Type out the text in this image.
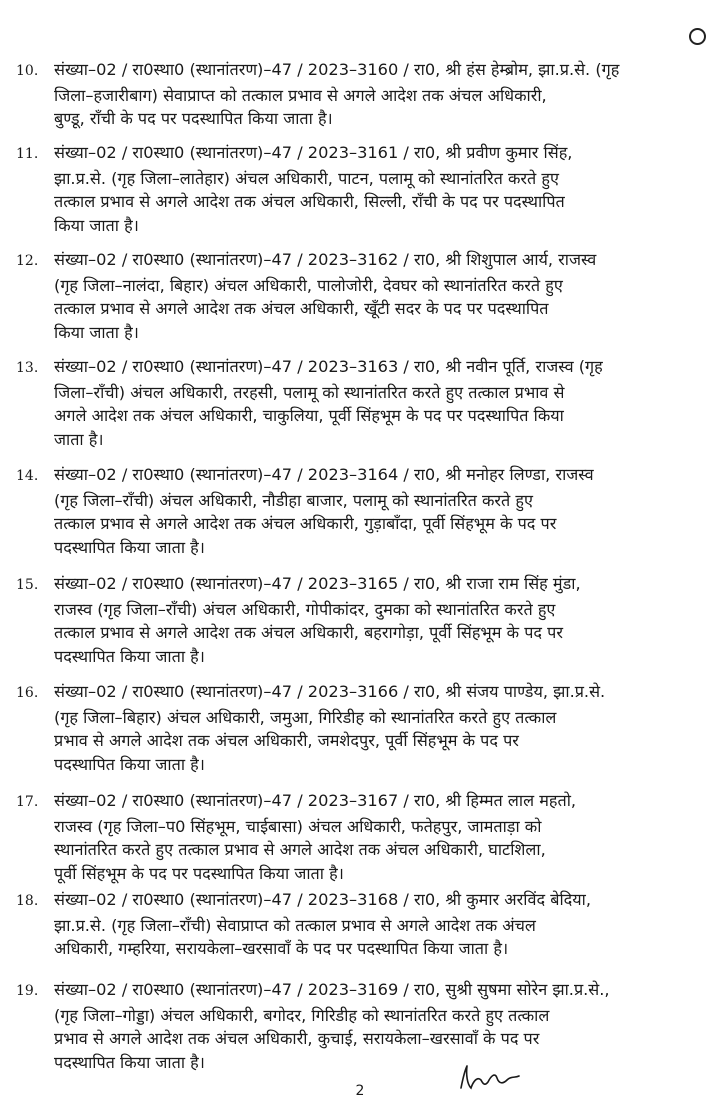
10. संख्या–02 / रा0स्था0 (स्थानांतरण)–47 / 2023–3160 / रा0, श्री हंस हेम्ब्रोम, झा.प्र.से. (गृह
जिला–हजारीबाग) सेवाप्राप्त को तत्काल प्रभाव से अगले आदेश तक अंचल अधिकारी,
बुण्डू, राँची के पद पर पदस्थापित किया जाता है।
11. संख्या–02 / रा0स्था0 (स्थानांतरण)–47 / 2023–3161 / रा0, श्री प्रवीण कुमार सिंह,
झा.प्र.से. (गृह जिला–लातेहार) अंचल अधिकारी, पाटन, पलामू को स्थानांतरित करते हुए
तत्काल प्रभाव से अगले आदेश तक अंचल अधिकारी, सिल्ली, राँची के पद पर पदस्थापित
किया जाता है।
12. संख्या–02 / रा0स्था0 (स्थानांतरण)–47 / 2023–3162 / रा0, श्री शिशुपाल आर्य, राजस्व
(गृह जिला–नालंदा, बिहार) अंचल अधिकारी, पालोजोरी, देवघर को स्थानांतरित करते हुए
तत्काल प्रभाव से अगले आदेश तक अंचल अधिकारी, खूँटी सदर के पद पर पदस्थापित
किया जाता है।
13. संख्या–02 / रा0स्था0 (स्थानांतरण)–47 / 2023–3163 / रा0, श्री नवीन पूर्ति, राजस्व (गृह
जिला–राँची) अंचल अधिकारी, तरहसी, पलामू को स्थानांतरित करते हुए तत्काल प्रभाव से
अगले आदेश तक अंचल अधिकारी, चाकुलिया, पूर्वी सिंहभूम के पद पर पदस्थापित किया
जाता है।
14. संख्या–02 / रा0स्था0 (स्थानांतरण)–47 / 2023–3164 / रा0, श्री मनोहर लिण्डा, राजस्व
(गृह जिला–राँची) अंचल अधिकारी, नौडीहा बाजार, पलामू को स्थानांतरित करते हुए
तत्काल प्रभाव से अगले आदेश तक अंचल अधिकारी, गुड़ाबाँदा, पूर्वी सिंहभूम के पद पर
पदस्थापित किया जाता है।
15. संख्या–02 / रा0स्था0 (स्थानांतरण)–47 / 2023–3165 / रा0, श्री राजा राम सिंह मुंडा,
राजस्व (गृह जिला–राँची) अंचल अधिकारी, गोपीकांदर, दुमका को स्थानांतरित करते हुए
तत्काल प्रभाव से अगले आदेश तक अंचल अधिकारी, बहरागोड़ा, पूर्वी सिंहभूम के पद पर
पदस्थापित किया जाता है।
16. संख्या–02 / रा0स्था0 (स्थानांतरण)–47 / 2023–3166 / रा0, श्री संजय पाण्डेय, झा.प्र.से.
(गृह जिला–बिहार) अंचल अधिकारी, जमुआ, गिरिडीह को स्थानांतरित करते हुए तत्काल
प्रभाव से अगले आदेश तक अंचल अधिकारी, जमशेदपुर, पूर्वी सिंहभूम के पद पर
पदस्थापित किया जाता है।
17. संख्या–02 / रा0स्था0 (स्थानांतरण)–47 / 2023–3167 / रा0, श्री हिम्मत लाल महतो,
राजस्व (गृह जिला–प0 सिंहभूम, चाईबासा) अंचल अधिकारी, फतेहपुर, जामताड़ा को
स्थानांतरित करते हुए तत्काल प्रभाव से अगले आदेश तक अंचल अधिकारी, घाटशिला,
पूर्वी सिंहभूम के पद पर पदस्थापित किया जाता है।
18. संख्या–02 / रा0स्था0 (स्थानांतरण)–47 / 2023–3168 / रा0, श्री कुमार अरविंद बेदिया,
झा.प्र.से. (गृह जिला–राँची) सेवाप्राप्त को तत्काल प्रभाव से अगले आदेश तक अंचल
अधिकारी, गम्हरिया, सरायकेला–खरसावाँ के पद पर पदस्थापित किया जाता है।
19. संख्या–02 / रा0स्था0 (स्थानांतरण)–47 / 2023–3169 / रा0, सुश्री सुषमा सोरेन झा.प्र.से.,
(गृह जिला–गोड्डा) अंचल अधिकारी, बगोदर, गिरिडीह को स्थानांतरित करते हुए तत्काल
प्रभाव से अगले आदेश तक अंचल अधिकारी, कुचाई, सरायकेला–खरसावाँ के पद पर
पदस्थापित किया जाता है।
2
